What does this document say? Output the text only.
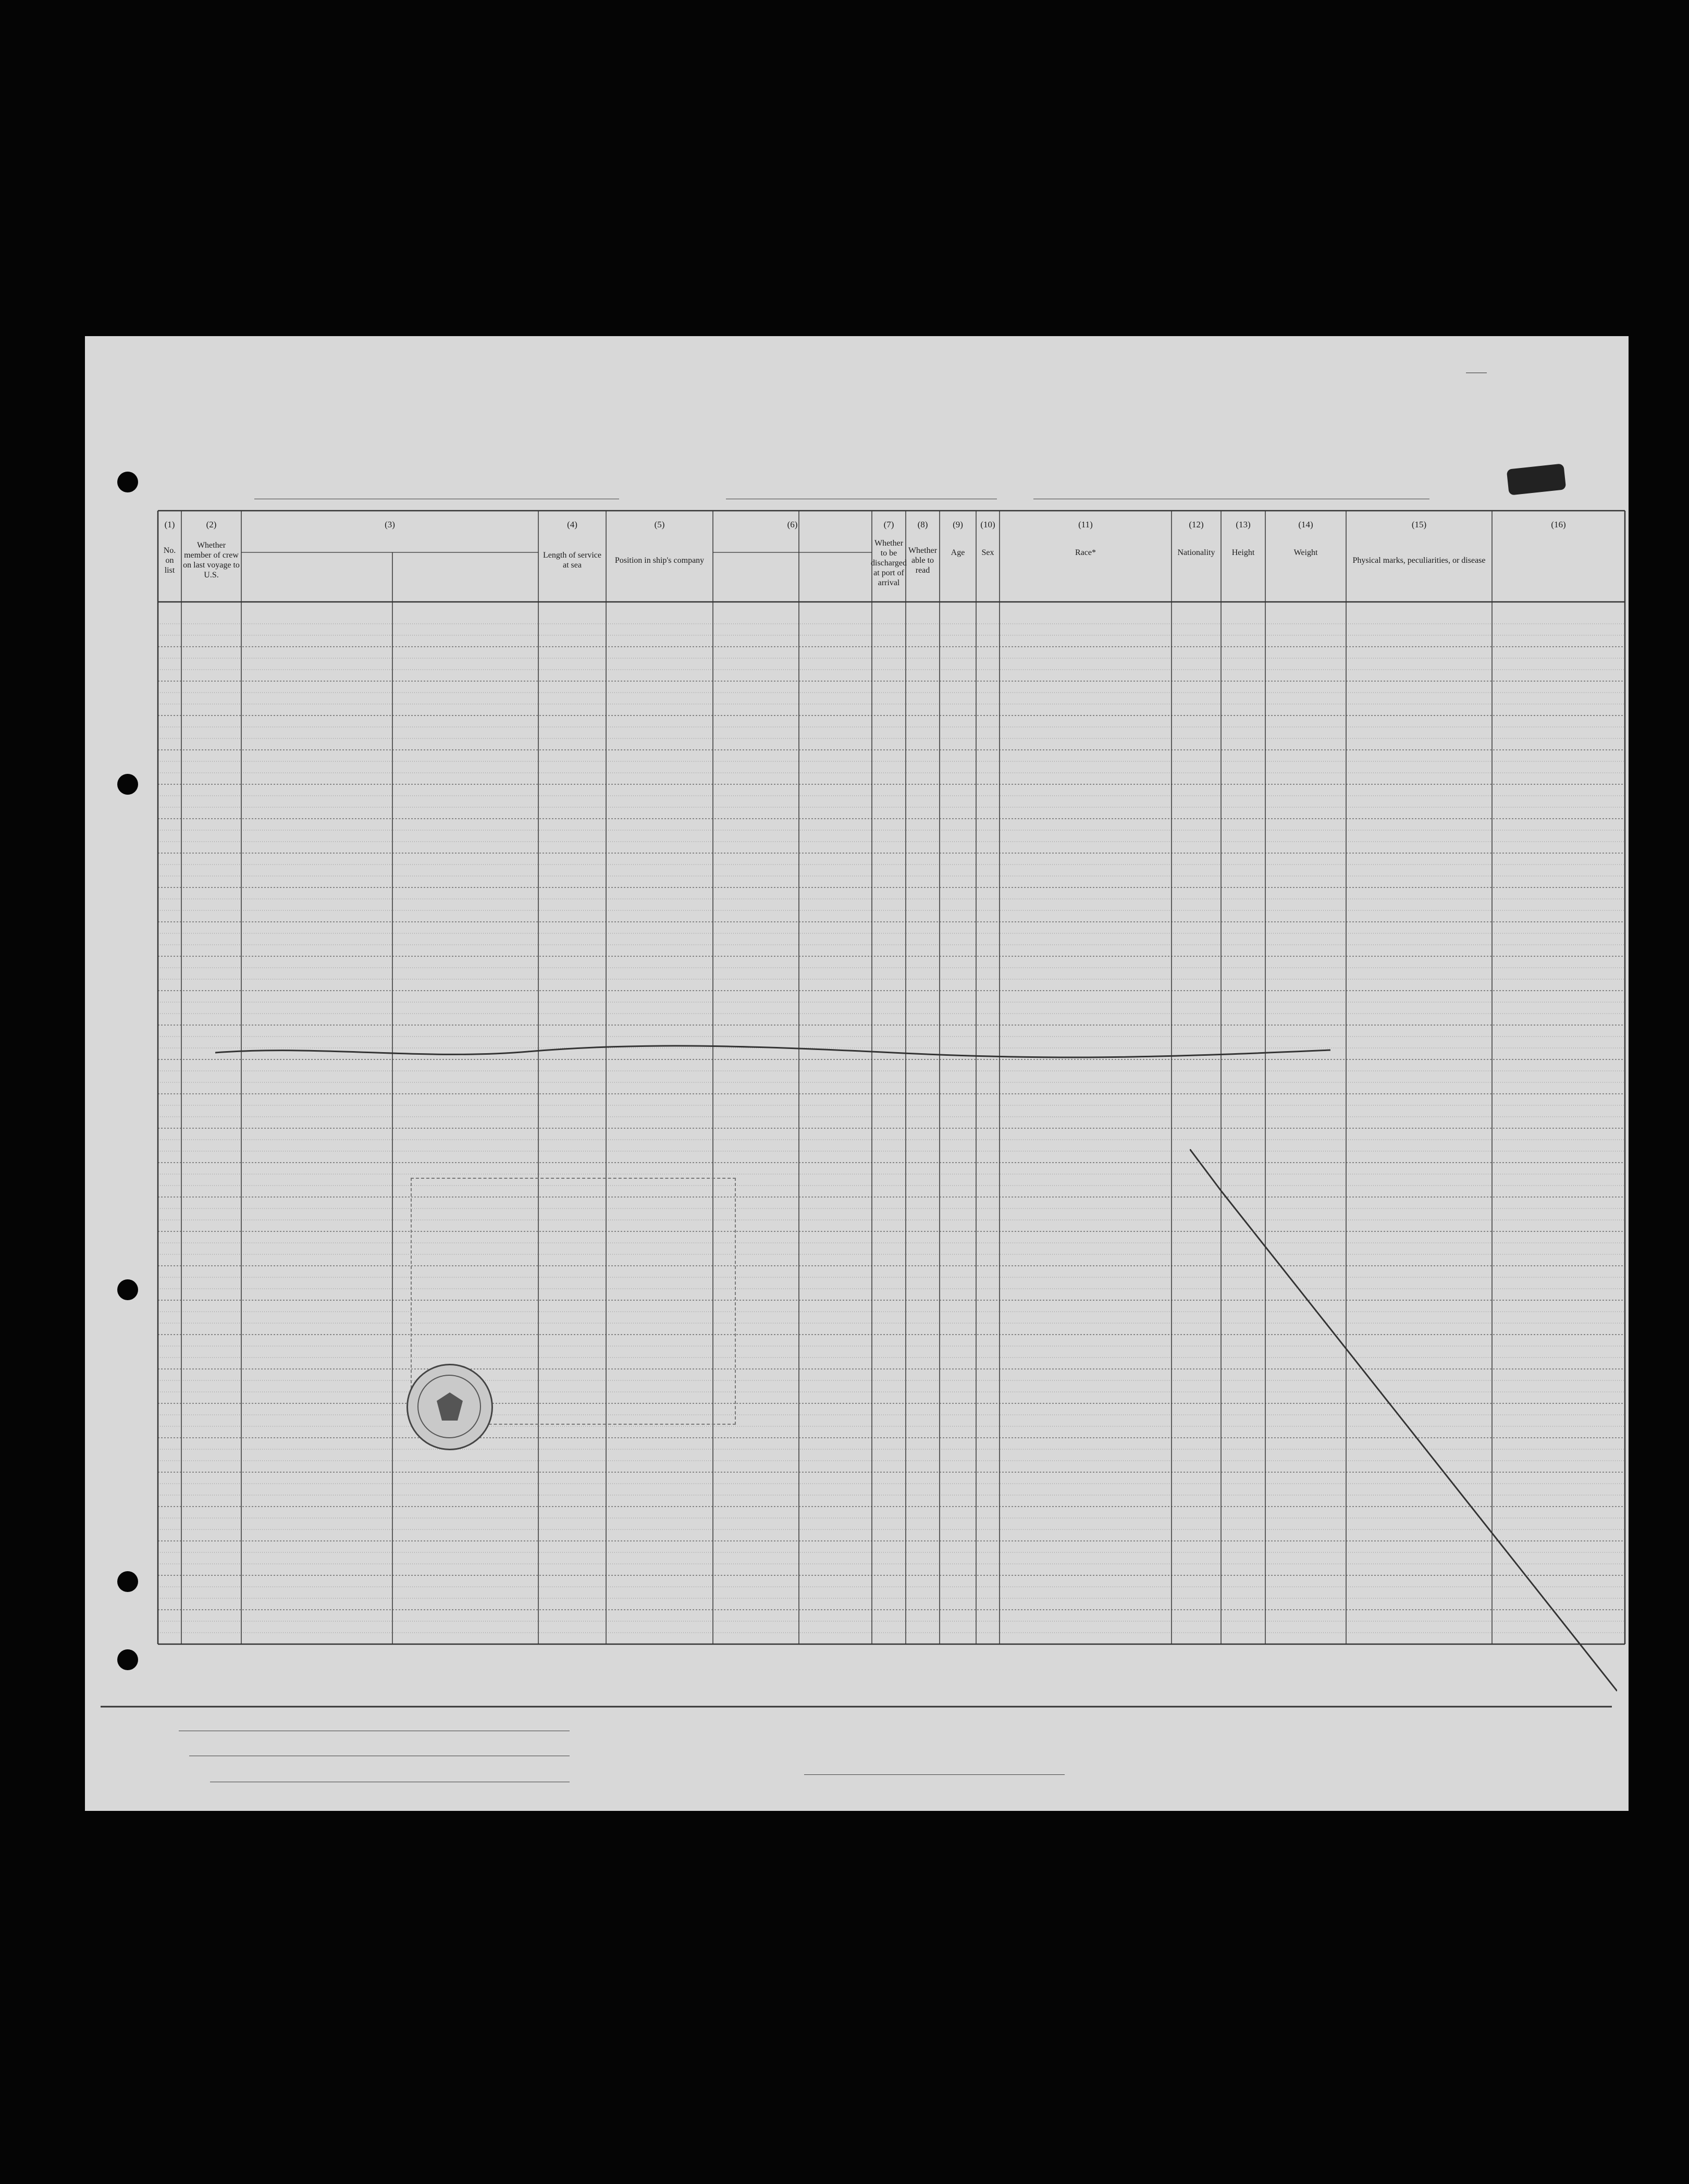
(1)
No. on list
(2)
Whether member of crew on last voyage to U.S.
(3)	(4)
Length of service at sea
(5)
Position in ship's company
(6)	(7)
Whether to be discharged at port of arrival
(8)
Whether able to read
(9)
Age
(10)
Sex
(11)
Race*
(12)
Nationality
(13)
Height
(14)
Weight
(15)
Physical marks, peculiarities, or disease
(16)
